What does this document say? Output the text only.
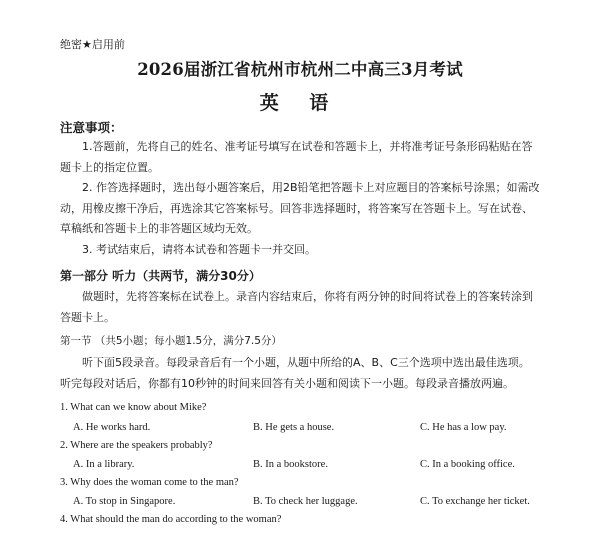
绝密★启用前
2026届浙江省杭州市杭州二中高三3月考试
英 语
注意事项：
1.答题前，先将自己的姓名、准考证号填写在试卷和答题卡上，并将准考证号条形码粘贴在答题卡上的指定位置。
2. 作答选择题时，选出每小题答案后，用2B铅笔把答题卡上对应题目的答案标号涂黑；如需改动，用橡皮擦干净后，再选涂其它答案标号。回答非选择题时，将答案写在答题卡上。写在试卷、草稿纸和答题卡上的非答题区域均无效。
3. 考试结束后，请将本试卷和答题卡一并交回。
第一部分 听力（共两节，满分30分）
做题时，先将答案标在试卷上。录音内容结束后，你将有两分钟的时间将试卷上的答案转涂到答题卡上。
第一节 （共5小题；每小题1.5分，满分7.5分）
听下面5段录音。每段录音后有一个小题，从题中所给的A、B、C三个选项中选出最佳选项。听完每段对话后，你都有10秒钟的时间来回答有关小题和阅读下一小题。每段录音播放两遍。
1. What can we know about Mike?
A. He works hard.	B. He gets a house.	C. He has a low pay.
2. Where are the speakers probably?
A. In a library.	B. In a bookstore.	C. In a booking office.
3. Why does the woman come to the man?
A. To stop in Singapore.	B. To check her luggage.	C. To exchange her ticket.
4. What should the man do according to the woman?
